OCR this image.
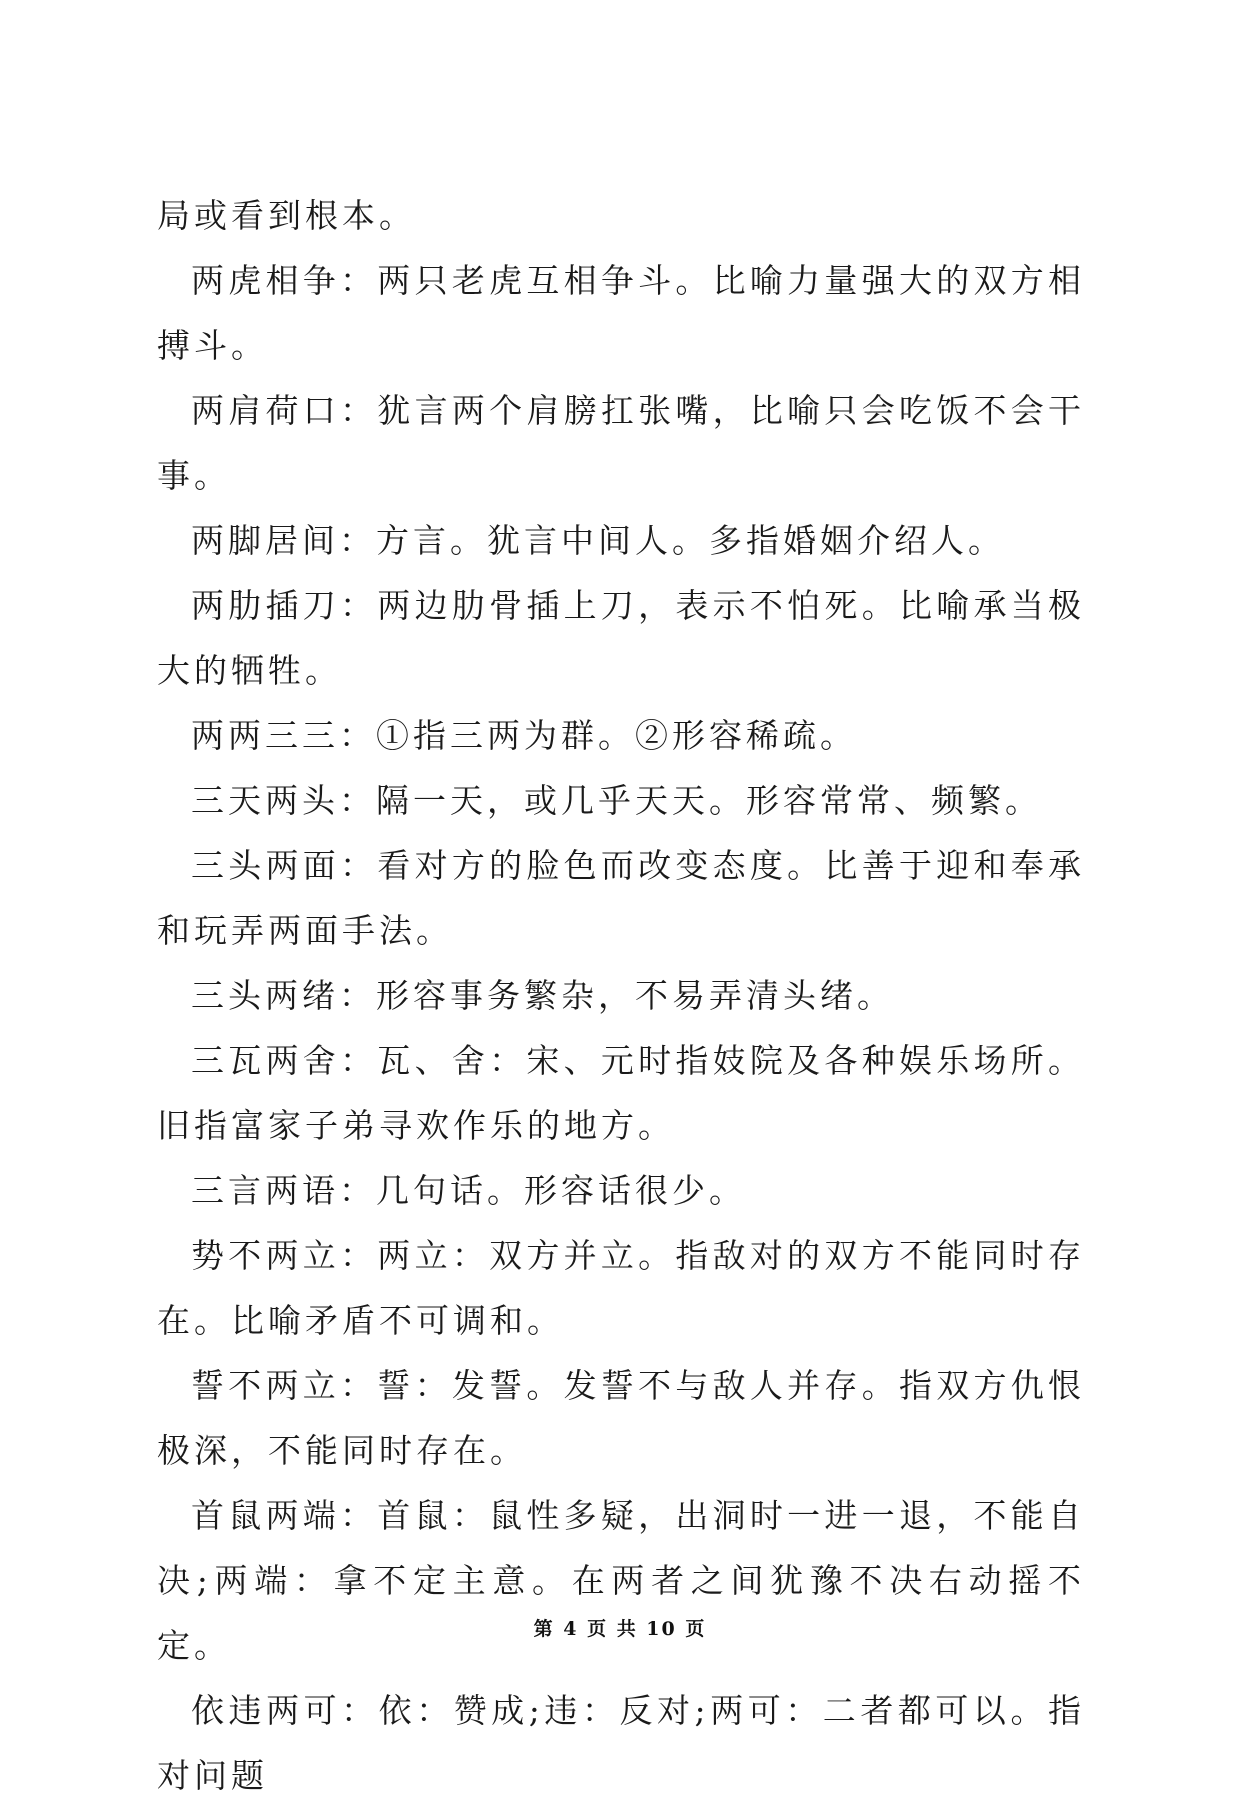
局或看到根本。

两虎相争：两只老虎互相争斗。比喻力量强大的双方相搏斗。

两肩荷口：犹言两个肩膀扛张嘴，比喻只会吃饭不会干事。

两脚居间：方言。犹言中间人。多指婚姻介绍人。

两肋插刀：两边肋骨插上刀，表示不怕死。比喻承当极大的牺牲。

两两三三：①指三两为群。②形容稀疏。

三天两头：隔一天，或几乎天天。形容常常、频繁。

三头两面：看对方的脸色而改变态度。比善于迎和奉承和玩弄两面手法。

三头两绪：形容事务繁杂，不易弄清头绪。

三瓦两舍：瓦、舍：宋、元时指妓院及各种娱乐场所。旧指富家子弟寻欢作乐的地方。

三言两语：几句话。形容话很少。

势不两立：两立：双方并立。指敌对的双方不能同时存在。比喻矛盾不可调和。

誓不两立：誓：发誓。发誓不与敌人并存。指双方仇恨极深，不能同时存在。

首鼠两端：首鼠：鼠性多疑，出洞时一进一退，不能自决;两端：拿不定主意。在两者之间犹豫不决右动摇不定。

依违两可：依：赞成;违：反对;两可：二者都可以。指对问题

第 4 页 共 10 页
